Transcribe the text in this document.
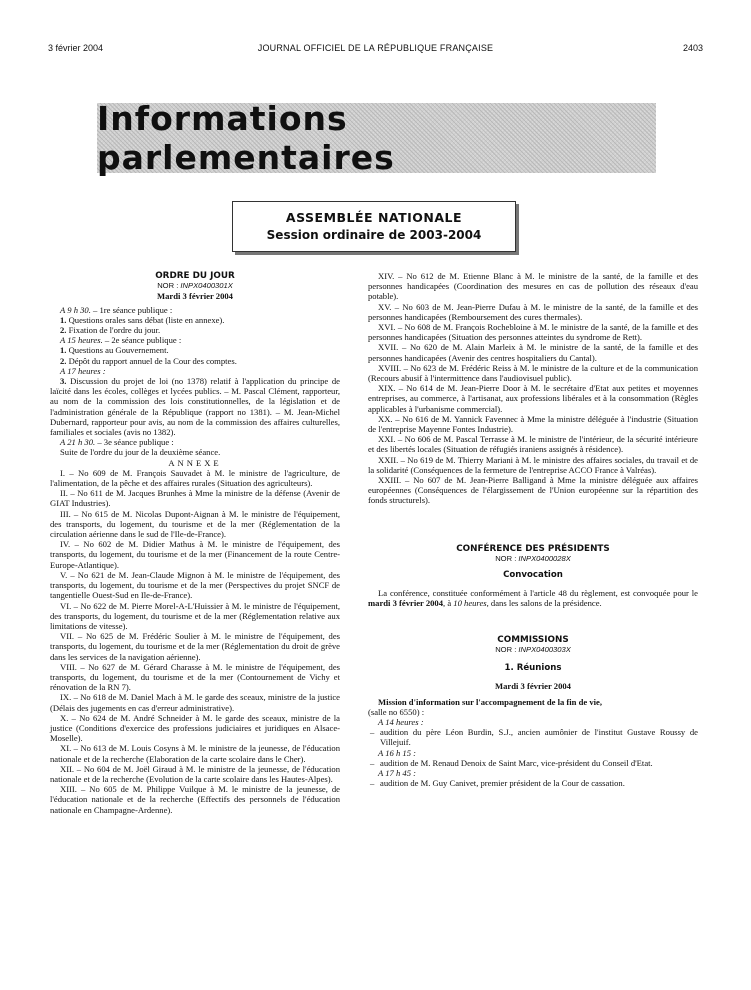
3 février 2004	JOURNAL OFFICIEL DE LA RÉPUBLIQUE FRANÇAISE	2403
Informations parlementaires
ASSEMBLÉE NATIONALE
Session ordinaire de 2003-2004

ORDRE DU JOUR

NOR : INPX0400301X

Mardi 3 février 2004

A 9 h 30. – 1re séance publique :

1. Questions orales sans débat (liste en annexe).

2. Fixation de l'ordre du jour.

A 15 heures. – 2e séance publique :

1. Questions au Gouvernement.

2. Dépôt du rapport annuel de la Cour des comptes.

A 17 heures :

3. Discussion du projet de loi (no 1378) relatif à l'application du principe de laïcité dans les écoles, collèges et lycées publics. – M. Pascal Clément, rapporteur, au nom de la commission des lois constitutionnelles, de la législation et de l'administration générale de la République (rapport no 1381). – M. Jean-Michel Dubernard, rapporteur pour avis, au nom de la commission des affaires culturelles, familiales et sociales (avis no 1382).

A 21 h 30. – 3e séance publique :

Suite de l'ordre du jour de la deuxième séance.

ANNEXE

I. – No 609 de M. François Sauvadet à M. le ministre de l'agriculture, de l'alimentation, de la pêche et des affaires rurales (Situation des agriculteurs).

II. – No 611 de M. Jacques Brunhes à Mme la ministre de la défense (Avenir de GIAT Industries).

III. – No 615 de M. Nicolas Dupont-Aignan à M. le ministre de l'équipement, des transports, du logement, du tourisme et de la mer (Réglementation de la circulation aérienne dans le sud de l'Ile-de-France).

IV. – No 602 de M. Didier Mathus à M. le ministre de l'équipement, des transports, du logement, du tourisme et de la mer (Financement de la route Centre-Europe-Atlantique).

V. – No 621 de M. Jean-Claude Mignon à M. le ministre de l'équipement, des transports, du logement, du tourisme et de la mer (Perspectives du projet SNCF de tangentielle Ouest-Sud en Ile-de-France).

VI. – No 622 de M. Pierre Morel-A-L'Huissier à M. le ministre de l'équipement, des transports, du logement, du tourisme et de la mer (Réglementation relative aux limitations de vitesse).

VII. – No 625 de M. Frédéric Soulier à M. le ministre de l'équipement, des transports, du logement, du tourisme et de la mer (Réglementation du droit de grève dans les services de la navigation aérienne).

VIII. – No 627 de M. Gérard Charasse à M. le ministre de l'équipement, des transports, du logement, du tourisme et de la mer (Contournement de Vichy et rénovation de la RN 7).

IX. – No 618 de M. Daniel Mach à M. le garde des sceaux, ministre de la justice (Délais des jugements en cas d'erreur administrative).

X. – No 624 de M. André Schneider à M. le garde des sceaux, ministre de la justice (Conditions d'exercice des professions judiciaires et juridiques en Alsace-Moselle).

XI. – No 613 de M. Louis Cosyns à M. le ministre de la jeunesse, de l'éducation nationale et de la recherche (Elaboration de la carte scolaire dans le Cher).

XII. – No 604 de M. Joël Giraud à M. le ministre de la jeunesse, de l'éducation nationale et de la recherche (Evolution de la carte scolaire dans les Hautes-Alpes).

XIII. – No 605 de M. Philippe Vuilque à M. le ministre de la jeunesse, de l'éducation nationale et de la recherche (Effectifs des personnels de l'éducation nationale en Champagne-Ardenne).

XIV. – No 612 de M. Etienne Blanc à M. le ministre de la santé, de la famille et des personnes handicapées (Coordination des mesures en cas de pollution des réseaux d'eau potable).

XV. – No 603 de M. Jean-Pierre Dufau à M. le ministre de la santé, de la famille et des personnes handicapées (Remboursement des cures thermales).

XVI. – No 608 de M. François Rochebloine à M. le ministre de la santé, de la famille et des personnes handicapées (Situation des personnes atteintes du syndrome de Rett).

XVII. – No 620 de M. Alain Marleix à M. le ministre de la santé, de la famille et des personnes handicapées (Avenir des centres hospitaliers du Cantal).

XVIII. – No 623 de M. Frédéric Reiss à M. le ministre de la culture et de la communication (Recours abusif à l'intermittence dans l'audiovisuel public).

XIX. – No 614 de M. Jean-Pierre Door à M. le secrétaire d'Etat aux petites et moyennes entreprises, au commerce, à l'artisanat, aux professions libérales et à la consommation (Règles applicables à l'urbanisme commercial).

XX. – No 616 de M. Yannick Favennec à Mme la ministre déléguée à l'industrie (Situation de l'entreprise Mayenne Fontes Industrie).

XXI. – No 606 de M. Pascal Terrasse à M. le ministre de l'intérieur, de la sécurité intérieure et des libertés locales (Situation de réfugiés iraniens assignés à résidence).

XXII. – No 619 de M. Thierry Mariani à M. le ministre des affaires sociales, du travail et de la solidarité (Conséquences de la fermeture de l'entreprise ACCO France à Valréas).

XXIII. – No 607 de M. Jean-Pierre Balligand à Mme la ministre déléguée aux affaires européennes (Conséquences de l'élargissement de l'Union européenne sur la répartition des fonds structurels).

CONFÉRENCE DES PRÉSIDENTS

NOR : INPX0400028X

Convocation

La conférence, constituée conformément à l'article 48 du règlement, est convoquée pour le mardi 3 février 2004, à 10 heures, dans les salons de la présidence.

COMMISSIONS

NOR : INPX0400303X

1. Réunions

Mardi 3 février 2004

Mission d'information sur l'accompagnement de la fin de vie,

(salle no 6550) :

A 14 heures :

– audition du père Léon Burdin, S.J., ancien aumônier de l'institut Gustave Roussy de Villejuif.

A 16 h 15 :

– audition de M. Renaud Denoix de Saint Marc, vice-président du Conseil d'Etat.

A 17 h 45 :

– audition de M. Guy Canivet, premier président de la Cour de cassation.
